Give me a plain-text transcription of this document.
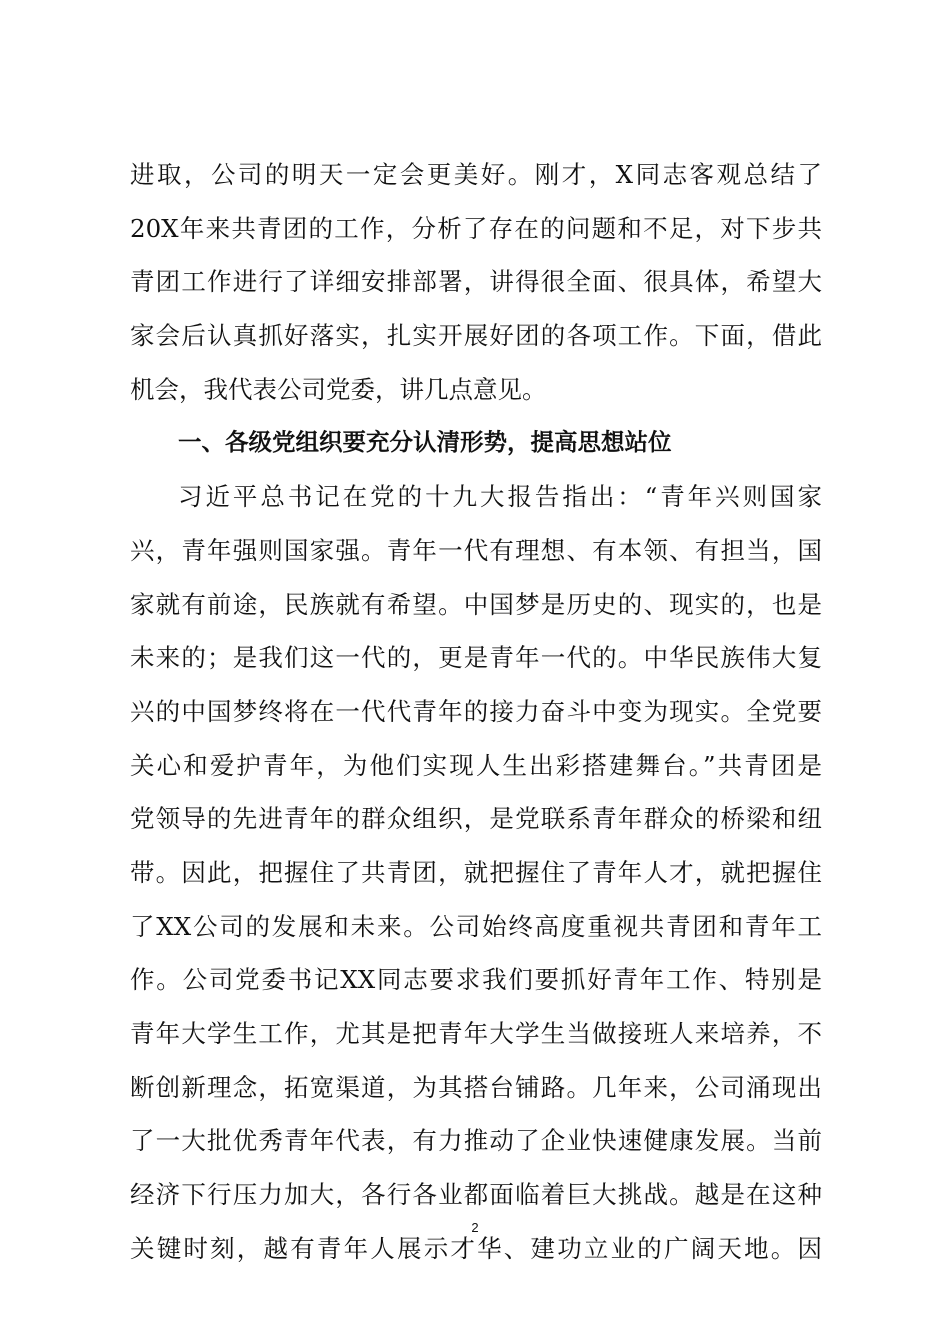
进取，公司的明天一定会更美好。刚才，X同志客观总结了
20X年来共青团的工作，分析了存在的问题和不足，对下步共
青团工作进行了详细安排部署，讲得很全面、很具体，希望大
家会后认真抓好落实，扎实开展好团的各项工作。下面，借此
机会，我代表公司党委，讲几点意见。
一、各级党组织要充分认清形势，提高思想站位
习近平总书记在党的十九大报告指出：“青年兴则国家
兴，青年强则国家强。青年一代有理想、有本领、有担当，国
家就有前途，民族就有希望。中国梦是历史的、现实的，也是
未来的；是我们这一代的，更是青年一代的。中华民族伟大复
兴的中国梦终将在一代代青年的接力奋斗中变为现实。全党要
关心和爱护青年，为他们实现人生出彩搭建舞台。”共青团是
党领导的先进青年的群众组织，是党联系青年群众的桥梁和纽
带。因此，把握住了共青团，就把握住了青年人才，就把握住
了XX公司的发展和未来。公司始终高度重视共青团和青年工
作。公司党委书记XX同志要求我们要抓好青年工作、特别是
青年大学生工作，尤其是把青年大学生当做接班人来培养，不
断创新理念，拓宽渠道，为其搭台铺路。几年来，公司涌现出
了一大批优秀青年代表，有力推动了企业快速健康发展。当前
经济下行压力加大，各行各业都面临着巨大挑战。越是在这种
关键时刻，越有青年人展示才华、建功立业的广阔天地。因
2
